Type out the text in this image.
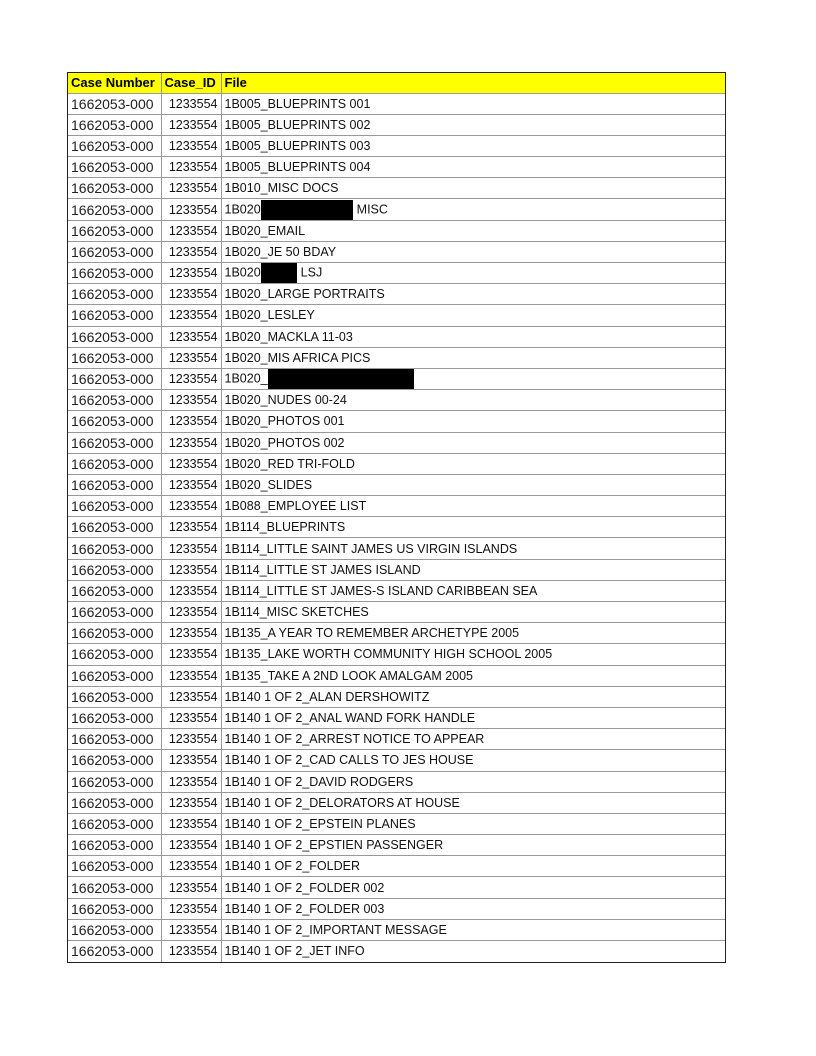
Case Number	Case_ID	File
1662053-000	1233554	1B005_BLUEPRINTS 001
1662053-000	1233554	1B005_BLUEPRINTS 002
1662053-000	1233554	1B005_BLUEPRINTS 003
1662053-000	1233554	1B005_BLUEPRINTS 004
1662053-000	1233554	1B010_MISC DOCS
1662053-000	1233554	1B020 MISC
1662053-000	1233554	1B020_EMAIL
1662053-000	1233554	1B020_JE 50 BDAY
1662053-000	1233554	1B020 LSJ
1662053-000	1233554	1B020_LARGE PORTRAITS
1662053-000	1233554	1B020_LESLEY
1662053-000	1233554	1B020_MACKLA 11-03
1662053-000	1233554	1B020_MIS AFRICA PICS
1662053-000	1233554	1B020_
1662053-000	1233554	1B020_NUDES 00-24
1662053-000	1233554	1B020_PHOTOS 001
1662053-000	1233554	1B020_PHOTOS 002
1662053-000	1233554	1B020_RED TRI-FOLD
1662053-000	1233554	1B020_SLIDES
1662053-000	1233554	1B088_EMPLOYEE LIST
1662053-000	1233554	1B114_BLUEPRINTS
1662053-000	1233554	1B114_LITTLE SAINT JAMES US VIRGIN ISLANDS
1662053-000	1233554	1B114_LITTLE ST JAMES ISLAND
1662053-000	1233554	1B114_LITTLE ST JAMES-S ISLAND CARIBBEAN SEA
1662053-000	1233554	1B114_MISC SKETCHES
1662053-000	1233554	1B135_A YEAR TO REMEMBER ARCHETYPE 2005
1662053-000	1233554	1B135_LAKE WORTH COMMUNITY HIGH SCHOOL 2005
1662053-000	1233554	1B135_TAKE A 2ND LOOK AMALGAM 2005
1662053-000	1233554	1B140 1 OF 2_ALAN DERSHOWITZ
1662053-000	1233554	1B140 1 OF 2_ANAL WAND FORK HANDLE
1662053-000	1233554	1B140 1 OF 2_ARREST NOTICE TO APPEAR
1662053-000	1233554	1B140 1 OF 2_CAD CALLS TO JES HOUSE
1662053-000	1233554	1B140 1 OF 2_DAVID RODGERS
1662053-000	1233554	1B140 1 OF 2_DELORATORS AT HOUSE
1662053-000	1233554	1B140 1 OF 2_EPSTEIN PLANES
1662053-000	1233554	1B140 1 OF 2_EPSTIEN PASSENGER
1662053-000	1233554	1B140 1 OF 2_FOLDER
1662053-000	1233554	1B140 1 OF 2_FOLDER 002
1662053-000	1233554	1B140 1 OF 2_FOLDER 003
1662053-000	1233554	1B140 1 OF 2_IMPORTANT MESSAGE
1662053-000	1233554	1B140 1 OF 2_JET INFO
